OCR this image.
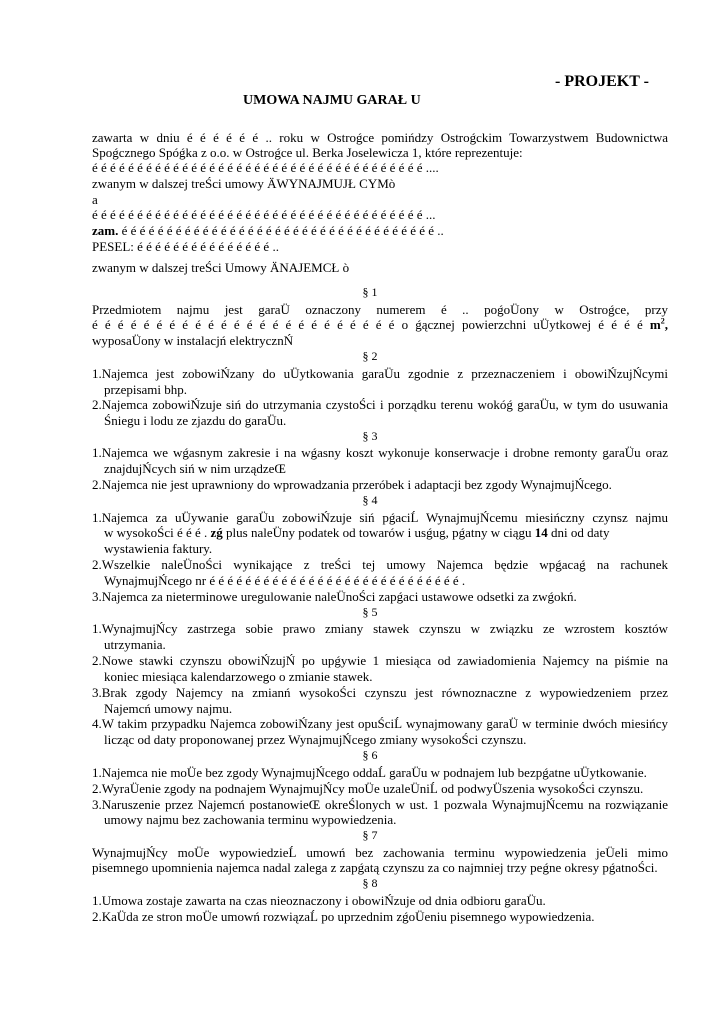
- PROJEKT -
UMOWA NAJMU GARAŁ U
zawarta w dniu é é é é é é .. roku w Ostroǵce pomińdzy Ostroǵckim Towarzystwem Budownictwa
Spoǵcznego Spóǵka z o.o. w Ostroǵce ul. Berka Joselewicza 1, które reprezentuje:
é é é é é é é é é é é é é é é é é é é é é é é é é é é é é é é é é é é é é ....
zwanym w dalszej treŚci umowy ÄWYNAJMUJŁ CYMò
a
é é é é é é é é é é é é é é é é é é é é é é é é é é é é é é é é é é é é é ...
zam. é é é é é é é é é é é é é é é é é é é é é é é é é é é é é é é é é é é ..
PESEL: é é é é é é é é é é é é é é é ..
zwanym w dalszej treŚci Umowy ÄNAJEMCŁ ò
§ 1
Przedmiotem najmu jest garaÜ oznaczony numerem é .. poǵoÜony w Ostroǵce, przy
é é é é é é é é é é é é é é é é é é é é é é é é o ǵącznej powierzchni uÜytkowej é é é é $m^2$,
wyposaÜony w instalacjń elektrycznŃ
§ 2
1.Najemca jest zobowiŃzany do uÜytkowania garaÜu zgodnie z przeznaczeniem i obowiŃzujŃcymi
przepisami bhp.
2.Najemca zobowiŃzuje siń do utrzymania czystoŚci i porządku terenu wokóǵ garaÜu, w tym do usuwania
Śniegu i lodu ze zjazdu do garaÜu.
§ 3
1.Najemca we wǵasnym zakresie i na wǵasny koszt wykonuje konserwacje i drobne remonty garaÜu oraz
znajdujŃcych siń w nim urządzeŒ
2.Najemca nie jest uprawniony do wprowadzania przeróbek i adaptacji bez zgody WynajmujŃcego.
§ 4
1.Najemca za uÜywanie garaÜu zobowiŃzuje siń pǵaciĹ WynajmujŃcemu miesińczny czynsz najmu
w wysokoŚci é é é . zǵ plus naleÜny podatek od towarów i usǵug, pǵatny w ciągu 14 dni od daty
wystawienia faktury.
2.Wszelkie naleÜnoŚci wynikające z treŚci tej umowy Najemca będzie wpǵacaǵ na rachunek
WynajmujŃcego nr é é é é é é é é é é é é é é é é é é é é é é é é é é é é .
3.Najemca za nieterminowe uregulowanie naleÜnoŚci zapǵaci ustawowe odsetki za zwǵokń.
§ 5
1.WynajmujŃcy zastrzega sobie prawo zmiany stawek czynszu w związku ze wzrostem kosztów
utrzymania.
2.Nowe stawki czynszu obowiŃzujŃ po upǵywie 1 miesiąca od zawiadomienia Najemcy na piśmie na
koniec miesiąca kalendarzowego o zmianie stawek.
3.Brak zgody Najemcy na zmianń wysokoŚci czynszu jest równoznaczne z wypowiedzeniem przez
Najemcń umowy najmu.
4.W takim przypadku Najemca zobowiŃzany jest opuŚciĹ wynajmowany garaÜ w terminie dwóch miesińcy
licząc od daty proponowanej przez WynajmujŃcego zmiany wysokoŚci czynszu.
§ 6
1.Najemca nie moÜe bez zgody WynajmujŃcego oddaĹ garaÜu w podnajem lub bezpǵatne uÜytkowanie.
2.WyraÜenie zgody na podnajem WynajmujŃcy moÜe uzaleÜniĹ od podwyÜszenia wysokoŚci czynszu.
3.Naruszenie przez Najemcń postanowieŒ okreŚlonych w ust. 1 pozwala WynajmujŃcemu na rozwiązanie
umowy najmu bez zachowania terminu wypowiedzenia.
§ 7
WynajmujŃcy moÜe wypowiedzieĹ umowń bez zachowania terminu wypowiedzenia jeÜeli mimo
pisemnego upomnienia najemca nadal zalega z zapǵatą czynszu za co najmniej trzy peǵne okresy pǵatnoŚci.
§ 8
1.Umowa zostaje zawarta na czas nieoznaczony i obowiŃzuje od dnia odbioru garaÜu.
2.KaÜda ze stron moÜe umowń rozwiązaĹ po uprzednim zǵoÜeniu pisemnego wypowiedzenia.
